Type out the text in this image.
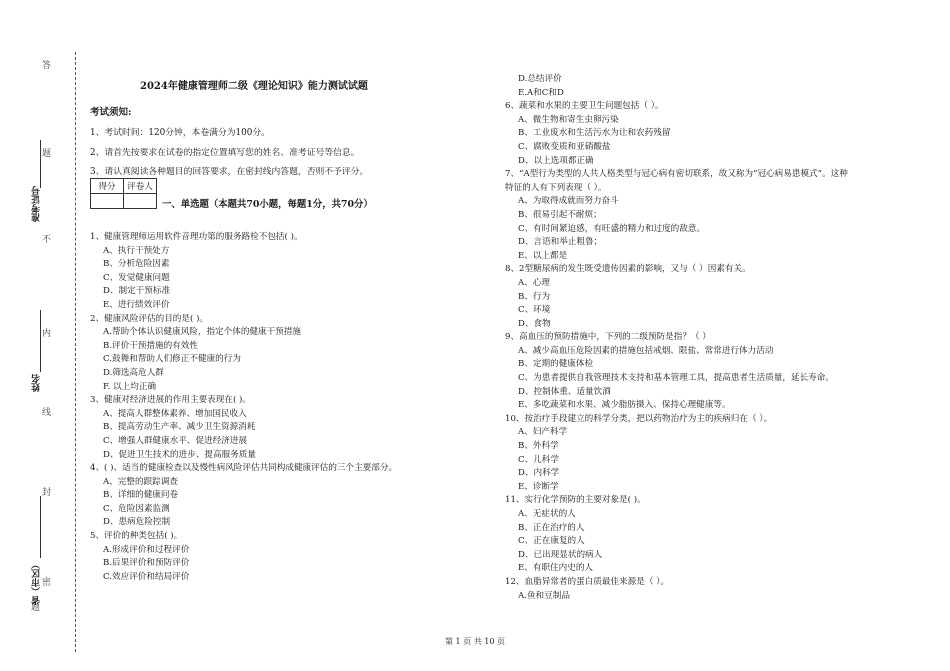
答
题
不
内
线
封
密
题
准考证号
姓名
省（市区）
2024年健康管理师二级《理论知识》能力测试试题
考试须知:
1、考试时间：120分钟，本卷满分为100分。
2、请首先按要求在试卷的指定位置填写您的姓名、准考证号等信息。
3、请认真阅读各种题目的回答要求，在密封线内答题，否则不予评分。
得分	评卷人

一、单选题（本题共70小题，每题1分，共70分）
1、健康管理师运用软件音理功第的服务路检不包括( )。
A、执行干预处方
B、分析危险因素
C、发觉健康问题
D、制定干预标准
E、进行绩效评价
2、健康风险评估的目的是( )。
A.帮助个体认识健康风险，指定个体的健康干预措施
B.评价干预措施的有效性
C.鼓舞和帮助人们修正不健康的行为
D.筛选高危人群
F. 以上均正确
3、健康对经济进展的作用主要表现在( )。
A、提高人群整体素养、增加国民收入
B、提高劳动生产率、减少卫生资源消耗
C、增强人群健康水平、促进经济进展
D、促进卫生技术的进步、提高服务质量
4、( )、适当的健康检查以及慢性病风险评估共同构成健康评估的三个主要部分。
A、完整的跟踪调查
B、详细的健康问卷
C、危险因素监测
D、患病危险控制
5、评价的种类包括( )。
A.形成评价和过程评价
B.后果评价和预防评价
C.效应评价和结局评价
D.总结评价
E.A和C和D
6、蔬菜和水果的主要卫生问题包括（ ）。
A、微生物和寄生虫卵污染
B、工业废水和生活污水为让和农药残留
C、腐败变质和亚硝酸盐
D、以上选项都正确
7、“A型行为类型的人共人格类型与冠心病有密切联系，故又称为“冠心病易患模式”。这种
特征的人有下列表现（ ）。
A、为取得成就而努力奋斗
B、很易引起不耐烦；
C、有时间紧迫感，有旺盛的精力和过度的敌意。
D、言语和举止粗鲁；
E、以上都是
8、2型糖尿病的发生既受遗传因素的影响，又与（ ）因素有关。
A、心理
B、行为
C、环境
D、食物
9、高血压的预防措施中，下列的二级预防是指？（ ）
A、减少高血压危险因素的措施包括戒烟、限盐、常常进行体力活动
B、定期的健康体检
C、为患者提供自我管理技术支持和基本管理工具，提高患者生活质量，延长寿命。
D、控制体重、适量饮酒
E、多吃蔬菜和水果、减少脂肪摄入、保持心理健康等。
10、按治疗手段建立的科学分类，把以药物治疗为主的疾病归在（ ）。
A、妇产科学
B、外科学
C、儿科学
D、内科学
E、诊断学
11、实行化学预防的主要对象是( )。
A、无症状的人
B、正在治疗的人
C、正在康复的人
D、已出现显状的病人
E、有职住内史的人
12、血脂异常者的蛋白质最佳来源是（ ）。
A.鱼和豆制品
第 1 页 共 10 页
